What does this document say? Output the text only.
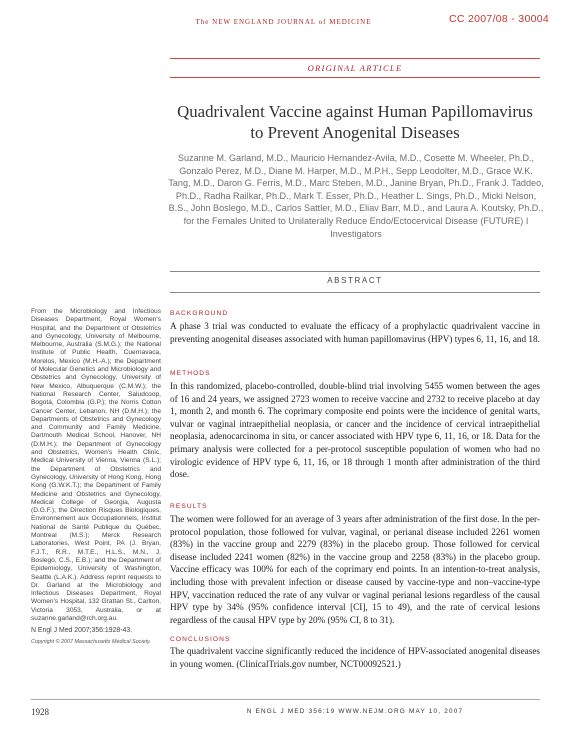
The NEW ENGLAND JOURNAL of MEDICINE	CC 2007/08 - 30004
ORIGINAL ARTICLE
Quadrivalent Vaccine against Human Papillomavirus to Prevent Anogenital Diseases
Suzanne M. Garland, M.D., Mauricio Hernandez-Avila, M.D., Cosette M. Wheeler, Ph.D., Gonzalo Perez, M.D., Diane M. Harper, M.D., M.P.H., Sepp Leodolter, M.D., Grace W.K. Tang, M.D., Daron G. Ferris, M.D., Marc Steben, M.D., Janine Bryan, Ph.D., Frank J. Taddeo, Ph.D., Radha Railkar, Ph.D., Mark T. Esser, Ph.D., Heather L. Sings, Ph.D., Micki Nelson, B.S., John Boslego, M.D., Carlos Sattler, M.D., Eliav Barr, M.D., and Laura A. Koutsky, Ph.D., for the Females United to Unilaterally Reduce Endo/Ectocervical Disease (FUTURE) I Investigators
ABSTRACT
From the Microbiology and Infectious Diseases Department, Royal Women's Hospital, and the Department of Obstetrics and Gynecology, University of Melbourne, Melbourne, Australia (S.M.G.); the National Institute of Public Health, Cuernavaca, Morelos, Mexico (M.H.-A.); the Department of Molecular Genetics and Microbiology and Obstetrics and Gynecology, University of New Mexico, Albuquerque (C.M.W.); the National Research Center, Saludcoop, Bogotá, Colombia (G.P.); the Norris Cotton Cancer Center, Lebanon, NH (D.M.H.); the Departments of Obstetrics and Gynecology and Community and Family Medicine, Dartmouth Medical School, Hanover, NH (D.M.H.); the Department of Gynecology and Obstetrics, Women's Health Clinic, Medical University of Vienna, Vienna (S.L.); the Department of Obstetrics and Gynecology, University of Hong Kong, Hong Kong (G.W.K.T.); the Department of Family Medicine and Obstetrics and Gynecology, Medical College of Georgia, Augusta (D.G.F.); the Direction Risques Biologiques, Environnement aux Occupationnels, Institut National de Santé Publique du Québec, Montreal (M.S.); Merck Research Laboratories, West Point, PA (J. Bryan, F.J.T., R.R., M.T.E., H.L.S., M.N., J. Boslego, C.S., E.B.); and the Department of Epidemiology, University of Washington, Seattle (L.A.K.). Address reprint requests to Dr. Garland at the Microbiology and Infectious Diseases Department, Royal Women's Hospital, 132 Grattan St., Carlton, Victoria 3053, Australia, or at suzanne.garland@rch.org.au.
N Engl J Med 2007;356:1928-43.
Copyright © 2007 Massachusetts Medical Society.
BACKGROUND
A phase 3 trial was conducted to evaluate the efficacy of a prophylactic quadrivalent vaccine in preventing anogenital diseases associated with human papillomavirus (HPV) types 6, 11, 16, and 18.
METHODS
In this randomized, placebo-controlled, double-blind trial involving 5455 women between the ages of 16 and 24 years, we assigned 2723 women to receive vaccine and 2732 to receive placebo at day 1, month 2, and month 6. The coprimary composite end points were the incidence of genital warts, vulvar or vaginal intraepithelial neoplasia, or cancer and the incidence of cervical intraepithelial neoplasia, adenocarcinoma in situ, or cancer associated with HPV type 6, 11, 16, or 18. Data for the primary analysis were collected for a per-protocol susceptible population of women who had no virologic evidence of HPV type 6, 11, 16, or 18 through 1 month after administration of the third dose.
RESULTS
The women were followed for an average of 3 years after administration of the first dose. In the per-protocol population, those followed for vulvar, vaginal, or perianal disease included 2261 women (83%) in the vaccine group and 2279 (83%) in the placebo group. Those followed for cervical disease included 2241 women (82%) in the vaccine group and 2258 (83%) in the placebo group. Vaccine efficacy was 100% for each of the coprimary end points. In an intention-to-treat analysis, including those with prevalent infection or disease caused by vaccine-type and non–vaccine-type HPV, vaccination reduced the rate of any vulvar or vaginal perianal lesions regardless of the causal HPV type by 34% (95% confidence interval [CI], 15 to 49), and the rate of cervical lesions regardless of the causal HPV type by 20% (95% CI, 8 to 31).
CONCLUSIONS
The quadrivalent vaccine significantly reduced the incidence of HPV-associated anogenital diseases in young women. (ClinicalTrials.gov number, NCT00092521.)
1928	N ENGL J MED 356;19 WWW.NEJM.ORG MAY 10, 2007
